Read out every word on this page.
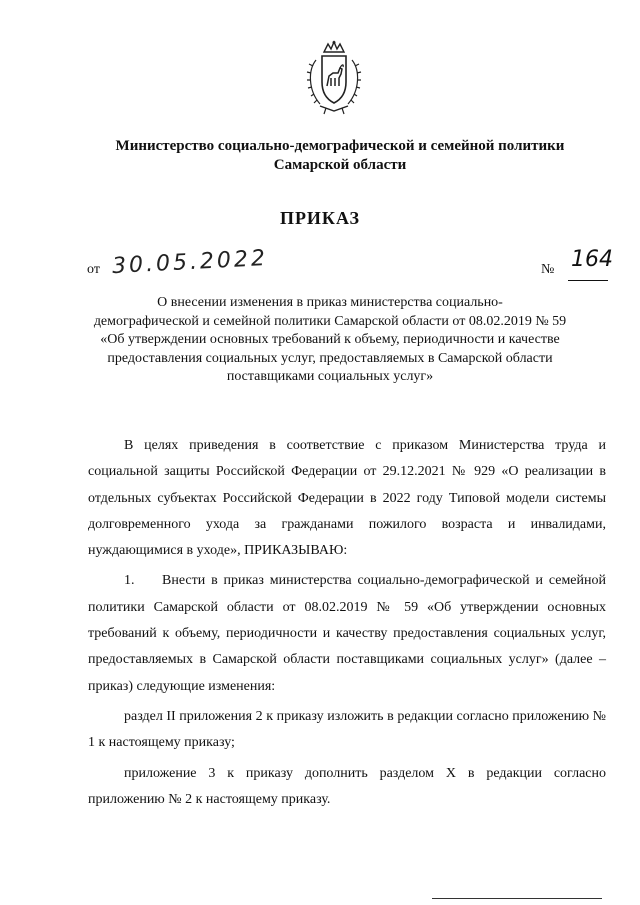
Министерство социально-демографической и семейной политики
Самарской области
ПРИКАЗ
от 30.05.2022	№ 164
О внесении изменения в приказ министерства социально-
демографической и семейной политики Самарской области от 08.02.2019 № 59
«Об утверждении основных требований к объему, периодичности и качестве
предоставления социальных услуг, предоставляемых в Самарской области
поставщиками социальных услуг»

В целях приведения в соответствие с приказом Министерства труда и социальной защиты Российской Федерации от 29.12.2021 № 929 «О реализации в отдельных субъектах Российской Федерации в 2022 году Типовой модели системы долговременного ухода за гражданами пожилого возраста и инвалидами, нуждающимися в уходе», ПРИКАЗЫВАЮ:

1. Внести в приказ министерства социально-демографической и семейной политики Самарской области от 08.02.2019 № 59 «Об утверждении основных требований к объему, периодичности и качеству предоставления социальных услуг, предоставляемых в Самарской области поставщиками социальных услуг» (далее – приказ) следующие изменения:

раздел II приложения 2 к приказу изложить в редакции согласно приложению № 1 к настоящему приказу;

приложение 3 к приказу дополнить разделом X в редакции согласно приложению № 2 к настоящему приказу.
